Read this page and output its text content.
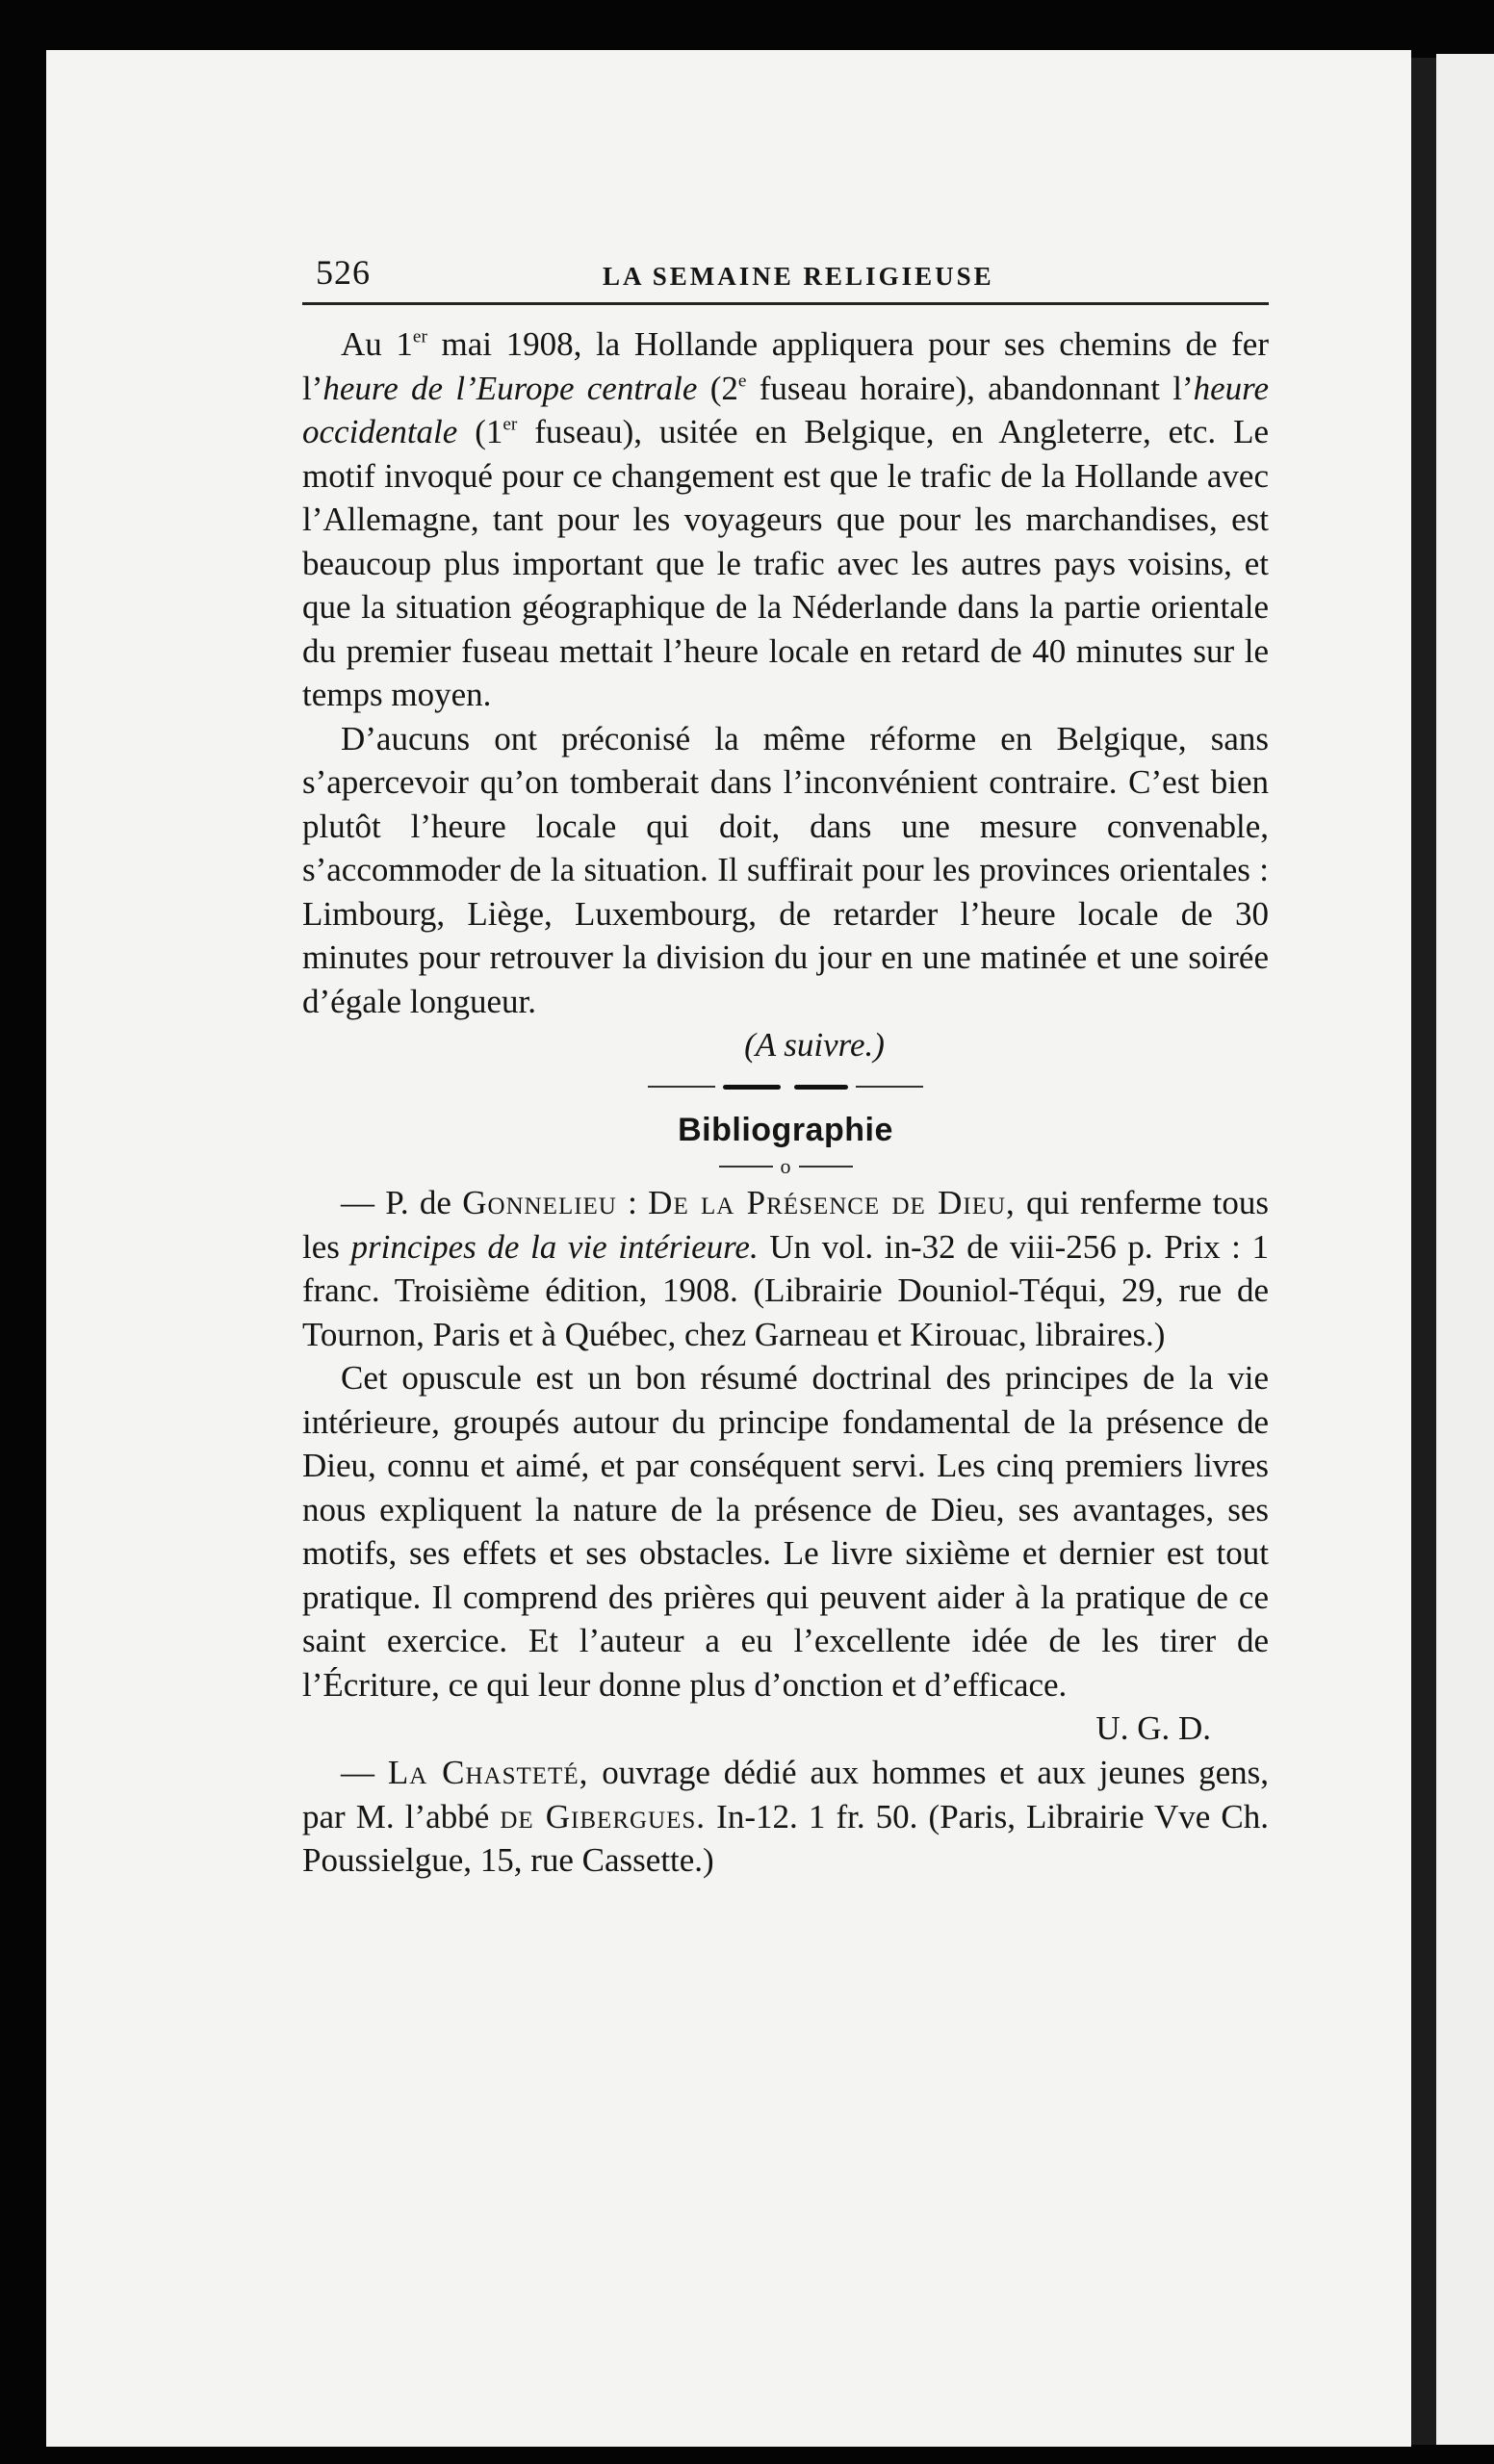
526	LA SEMAINE RELIGIEUSE

Au 1er mai 1908, la Hollande appliquera pour ses chemins de fer l’heure de l’Europe centrale (2e fuseau horaire), abandonnant l’heure occidentale (1er fuseau), usitée en Belgique, en Angleterre, etc. Le motif invoqué pour ce changement est que le trafic de la Hollande avec l’Allemagne, tant pour les voyageurs que pour les marchandises, est beaucoup plus important que le trafic avec les autres pays voisins, et que la situation géographique de la Néderlande dans la partie orientale du premier fuseau mettait l’heure locale en retard de 40 minutes sur le temps moyen.

D’aucuns ont préconisé la même réforme en Belgique, sans s’apercevoir qu’on tomberait dans l’inconvénient contraire. C’est bien plutôt l’heure locale qui doit, dans une mesure convenable, s’accommoder de la situation. Il suffirait pour les provinces orientales : Limbourg, Liège, Luxembourg, de retarder l’heure locale de 30 minutes pour retrouver la division du jour en une matinée et une soirée d’égale longueur.

(A suivre.)

Bibliographie
o

— P. de Gonnelieu : De la Présence de Dieu, qui renferme tous les principes de la vie intérieure. Un vol. in-32 de viii-256 p. Prix : 1 franc. Troisième édition, 1908. (Librairie Douniol-Téqui, 29, rue de Tournon, Paris et à Québec, chez Garneau et Kirouac, libraires.)

Cet opuscule est un bon résumé doctrinal des principes de la vie intérieure, groupés autour du principe fondamental de la présence de Dieu, connu et aimé, et par conséquent servi. Les cinq premiers livres nous expliquent la nature de la présence de Dieu, ses avantages, ses motifs, ses effets et ses obstacles. Le livre sixième et dernier est tout pratique. Il comprend des prières qui peuvent aider à la pratique de ce saint exercice. Et l’auteur a eu l’excellente idée de les tirer de l’Écriture, ce qui leur donne plus d’onction et d’efficace.

U. G. D.

— La Chasteté, ouvrage dédié aux hommes et aux jeunes gens, par M. l’abbé de Gibergues. In-12. 1 fr. 50. (Paris, Librairie Vve Ch. Poussielgue, 15, rue Cassette.)
